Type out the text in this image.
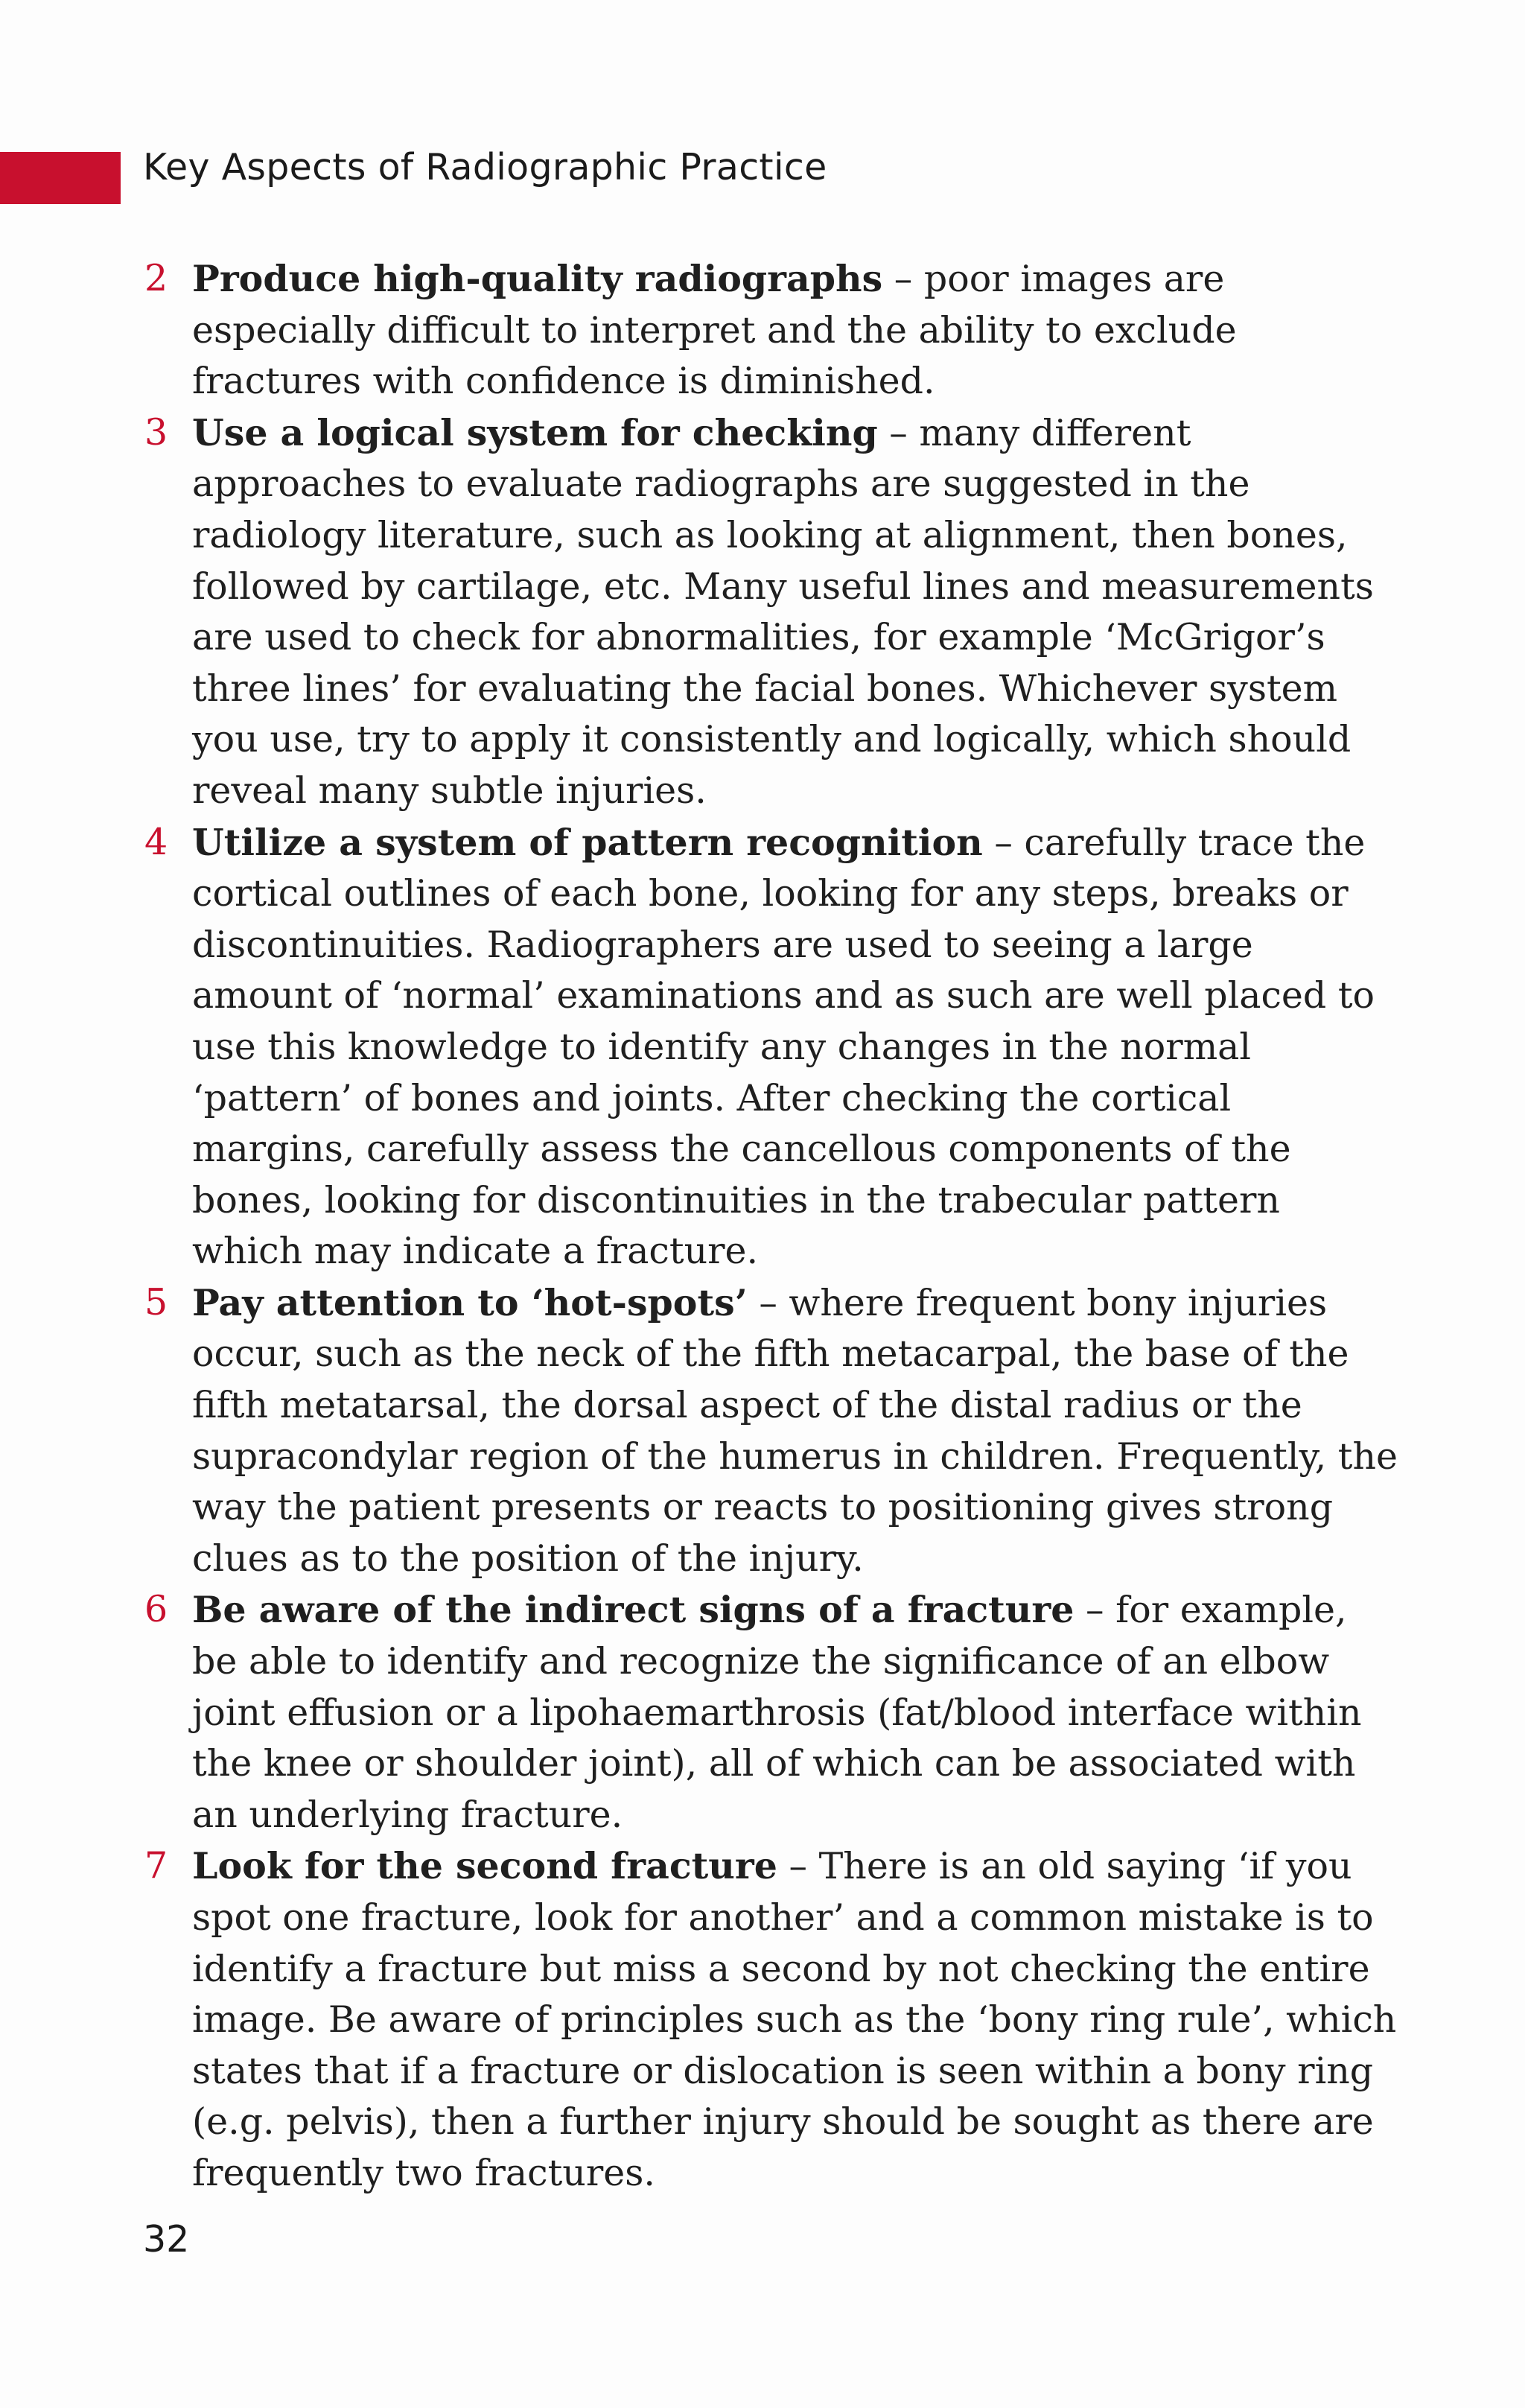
Key Aspects of Radiographic Practice
2 Produce high-quality radiographs – poor images are especially difficult to interpret and the ability to exclude fractures with confidence is diminished.
3 Use a logical system for checking – many different approaches to evaluate radiographs are suggested in the radiology literature, such as looking at alignment, then bones, followed by cartilage, etc. Many useful lines and measurements are used to check for abnormalities, for example ‘McGrigor’s three lines’ for evaluating the facial bones. Whichever system you use, try to apply it consistently and logically, which should reveal many subtle injuries.
4 Utilize a system of pattern recognition – carefully trace the cortical outlines of each bone, looking for any steps, breaks or discontinuities. Radiographers are used to seeing a large amount of ‘normal’ examinations and as such are well placed to use this knowledge to identify any changes in the normal ‘pattern’ of bones and joints. After checking the cortical margins, carefully assess the cancellous components of the bones, looking for discontinuities in the trabecular pattern which may indicate a fracture.
5 Pay attention to ‘hot-spots’ – where frequent bony injuries occur, such as the neck of the fifth metacarpal, the base of the fifth metatarsal, the dorsal aspect of the distal radius or the supracondylar region of the humerus in children. Frequently, the way the patient presents or reacts to positioning gives strong clues as to the position of the injury.
6 Be aware of the indirect signs of a fracture – for example, be able to identify and recognize the significance of an elbow joint effusion or a lipohaemarthrosis (fat/blood interface within the knee or shoulder joint), all of which can be associated with an underlying fracture.
7 Look for the second fracture – There is an old saying ‘if you spot one fracture, look for another’ and a common mistake is to identify a fracture but miss a second by not checking the entire image. Be aware of principles such as the ‘bony ring rule’, which states that if a fracture or dislocation is seen within a bony ring (e.g. pelvis), then a further injury should be sought as there are frequently two fractures.
32
